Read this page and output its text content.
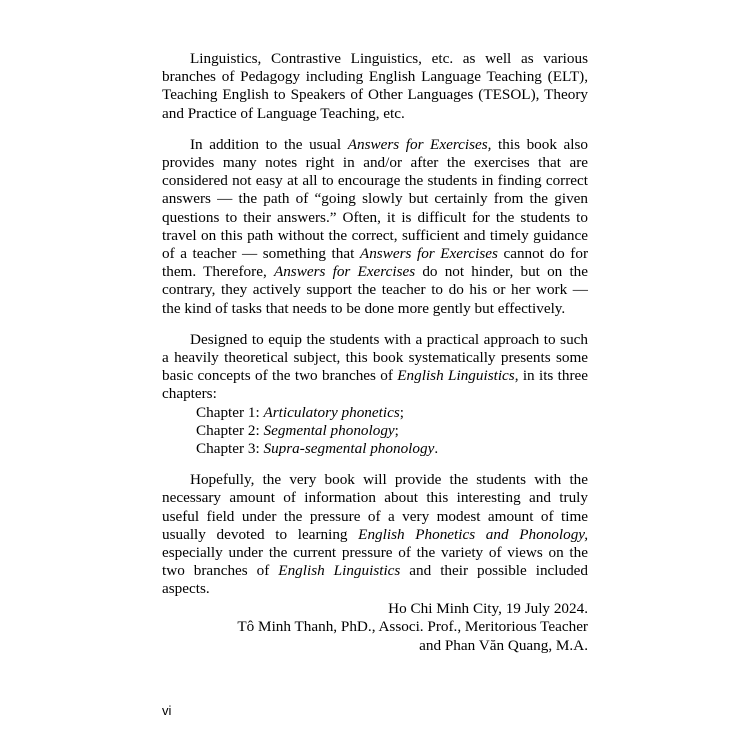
Linguistics, Contrastive Linguistics, etc. as well as various branches of Pedagogy including English Language Teaching (ELT), Teaching English to Speakers of Other Languages (TESOL), Theory and Practice of Language Teaching, etc.

In addition to the usual Answers for Exercises, this book also provides many notes right in and/or after the exercises that are considered not easy at all to encourage the students in finding correct answers — the path of “going slowly but certainly from the given questions to their answers.” Often, it is difficult for the students to travel on this path without the correct, sufficient and timely guidance of a teacher — something that Answers for Exercises cannot do for them. Therefore, Answers for Exercises do not hinder, but on the contrary, they actively support the teacher to do his or her work — the kind of tasks that needs to be done more gently but effectively.

Designed to equip the students with a practical approach to such a heavily theoretical subject, this book systematically presents some basic concepts of the two branches of English Linguistics, in its three chapters:

Chapter 1: Articulatory phonetics;
Chapter 2: Segmental phonology;
Chapter 3: Supra-segmental phonology.

Hopefully, the very book will provide the students with the necessary amount of information about this interesting and truly useful field under the pressure of a very modest amount of time usually devoted to learning English Phonetics and Phonology, especially under the current pressure of the variety of views on the two branches of English Linguistics and their possible included aspects.

Ho Chi Minh City, 19 July 2024.
Tô Minh Thanh, PhD., Associ. Prof., Meritorious Teacher
and Phan Văn Quang, M.A.
vi
